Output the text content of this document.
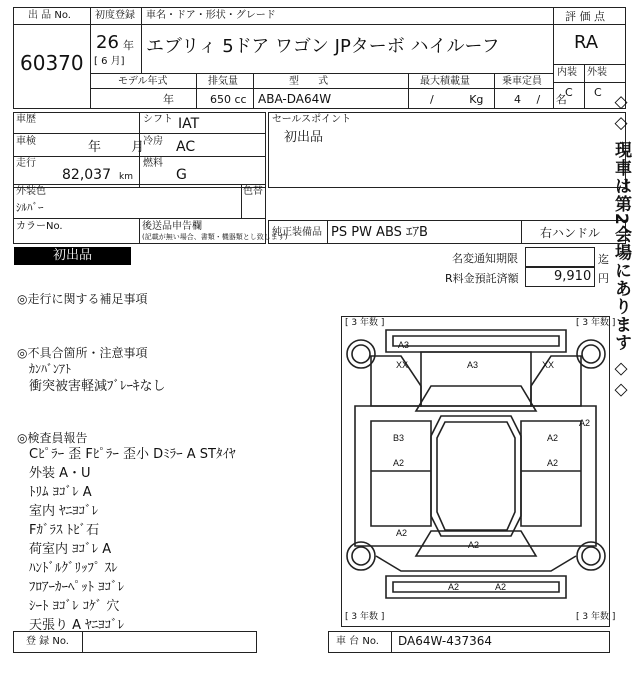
出 品 No.
60370
初度登録
26 年
[ 6 月]
車名・ドア・形状・グレード
エブリィ 5ドア ワゴン JPターボ ハイルーフ
評 価 点
RA
内装 外装
C C
モデル年式	排気量	型 式	最大積載量	乗車定員
年	650 cc ABA-DA64W	/ Kg	4 / 名
車歴	シフト IAT
車検	年 月
冷房 AC
走行
82,037 km
燃料
G
セールスポイント
初出品
外装色
ｼﾙﾊﾞｰ
色替
カラーNo.	後送品申告欄
(記載が無い場合、書類・機器類とし致します)
純正装備品 PS PW ABS ｴｱB	右ハンドル
初出品	名変通知期限	迄
R料金預託済額	9,910 円
◎走行に関する補足事項
◎不具合箇所・注意事項
ｶﾝﾊﾞﾝｱﾄ
衝突被害軽減ﾌﾞﾚｰｷなし
◎検査員報告
Cﾋﾟﾗｰ 歪 Fﾋﾟﾗｰ 歪小 Dﾐﾗｰ A STﾀｲﾔ
外装 A・U
ﾄﾘﾑ ﾖｺﾞﾚ A
室内 ﾔﾆﾖｺﾞﾚ
Fｶﾞﾗｽ ﾄﾋﾞ石
荷室内 ﾖｺﾞﾚ A
ﾊﾝﾄﾞﾙｸﾞﾘｯﾌﾟ ｽﾚ
ﾌﾛｱｰｶｰﾍﾟｯﾄ ﾖｺﾞﾚ
ｼｰﾄ ﾖｺﾞﾚ ｺｹﾞ 穴
天張り A ﾔﾆﾖｺﾞﾚ
[ 3 年数 ]
[ 3 年数 ]
[ 3 年数 ]
[ 3 年数 ]
A3
XX	A3	XX
B3
A2
A2
A2
A2
A2
A2
A2	A2
◇◇ 現車は第2会場にあります ◇◇
登 録 No.	車 台 No. DA64W-437364
